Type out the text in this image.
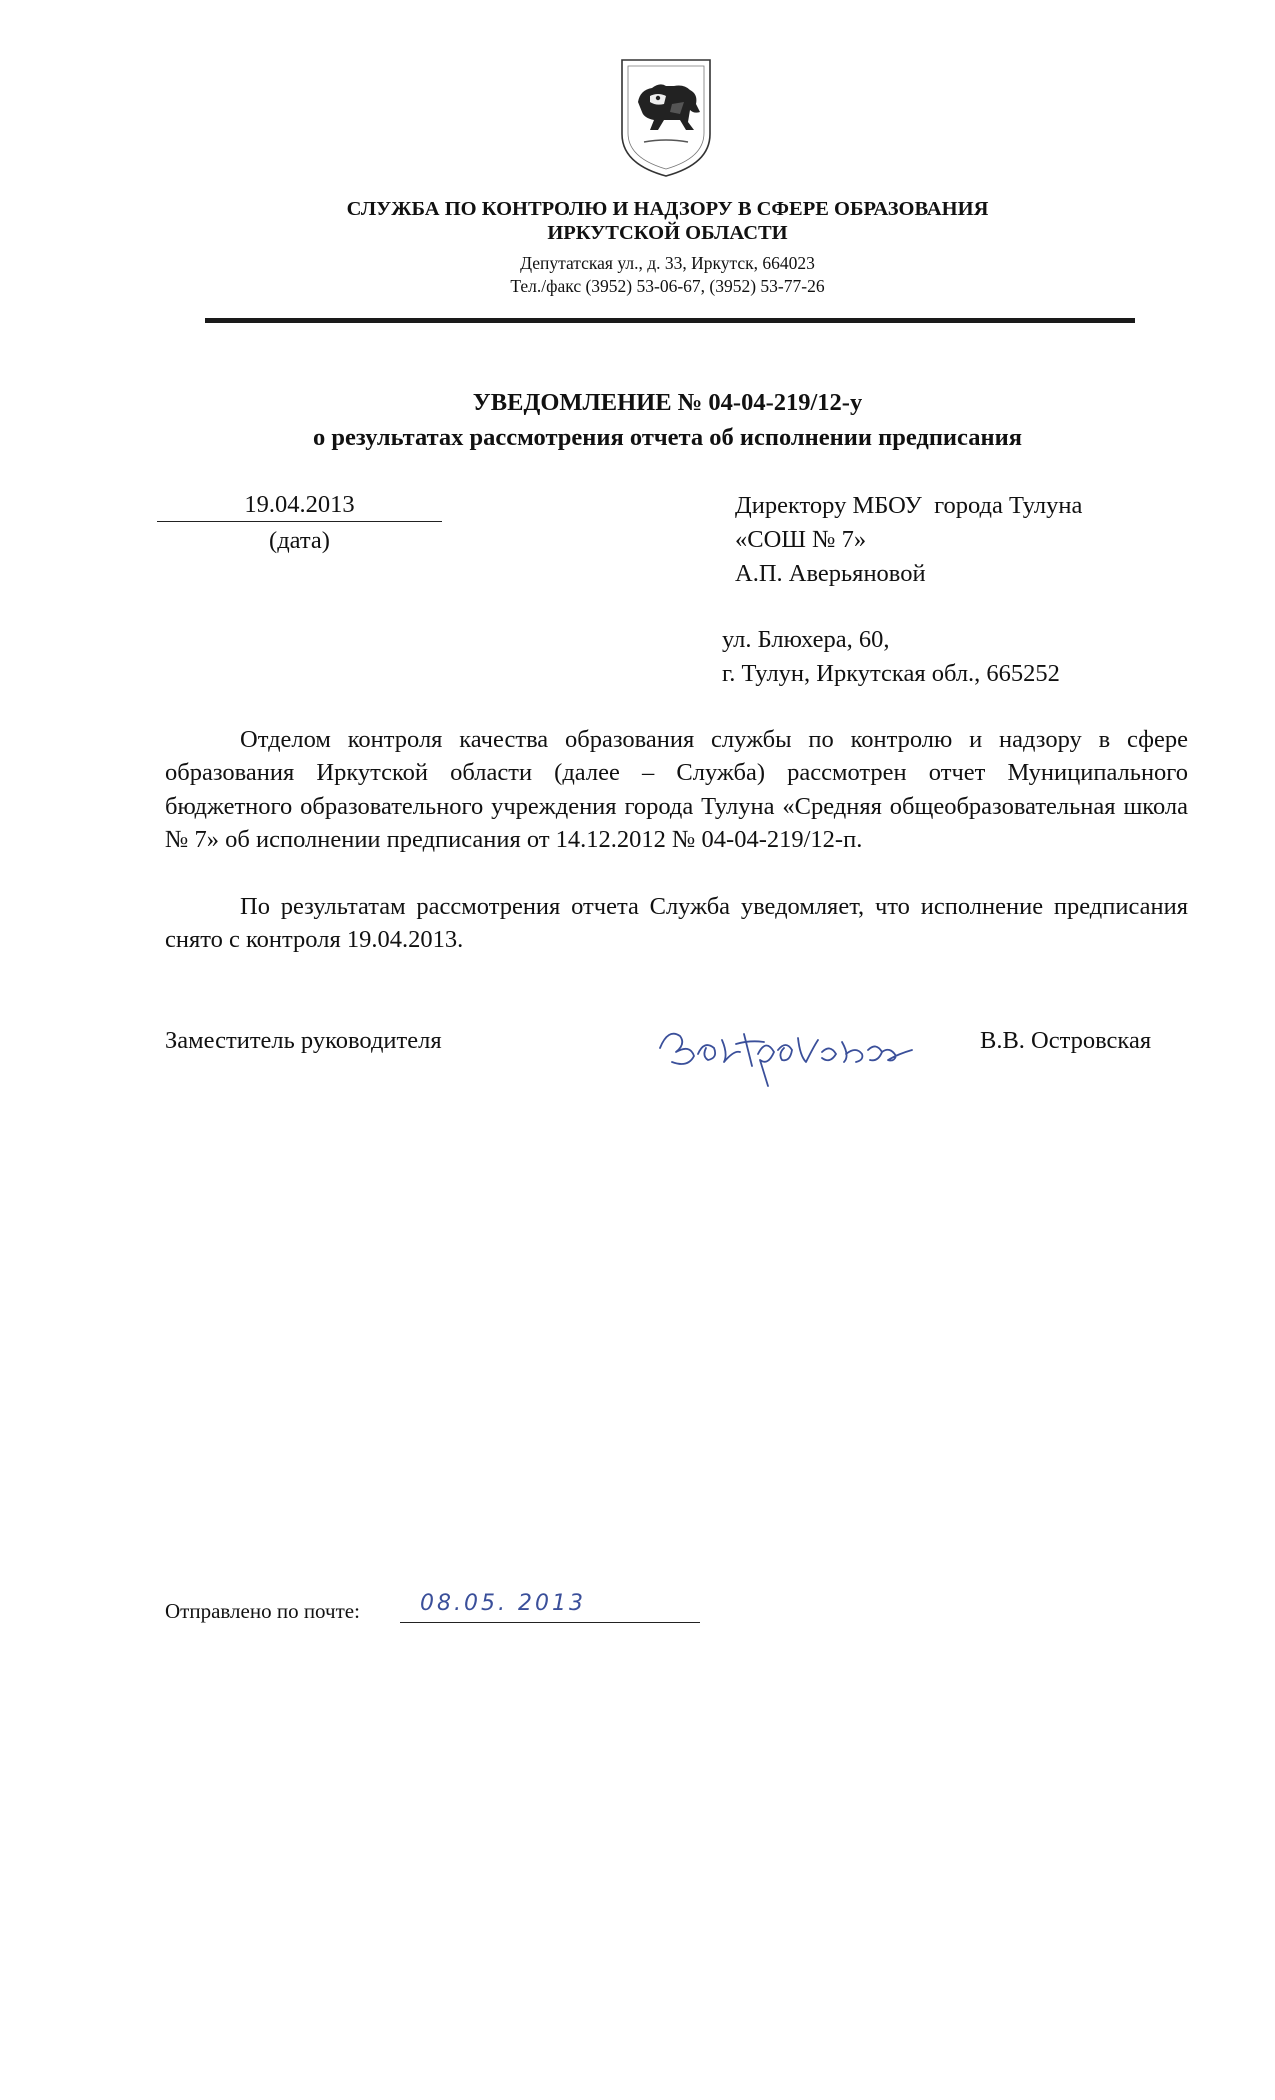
СЛУЖБА ПО КОНТРОЛЮ И НАДЗОРУ В СФЕРЕ ОБРАЗОВАНИЯ
ИРКУТСКОЙ ОБЛАСТИ
Депутатская ул., д. 33, Иркутск, 664023
Тел./факс (3952) 53-06-67, (3952) 53-77-26
УВЕДОМЛЕНИЕ № 04-04-219/12-у
о результатах рассмотрения отчета об исполнении предписания
19.04.2013
(дата)
Директору МБОУ  города Тулуна
«СОШ № 7»
А.П. Аверьяновой
ул. Блюхера, 60,
г. Тулун, Иркутская обл., 665252

Отделом контроля качества образования службы по контролю и надзору в сфере образования Иркутской области (далее – Служба) рассмотрен отчет Муниципального бюджетного образовательного учреждения города Тулуна «Средняя общеобразовательная школа № 7» об исполнении предписания от 14.12.2012 № 04-04-219/12-п.

По результатам рассмотрения отчета Служба уведомляет, что исполнение предписания снято с контроля 19.04.2013.

Заместитель руководителя	В.В. Островская
Отправлено по почте:	08.05. 2013
